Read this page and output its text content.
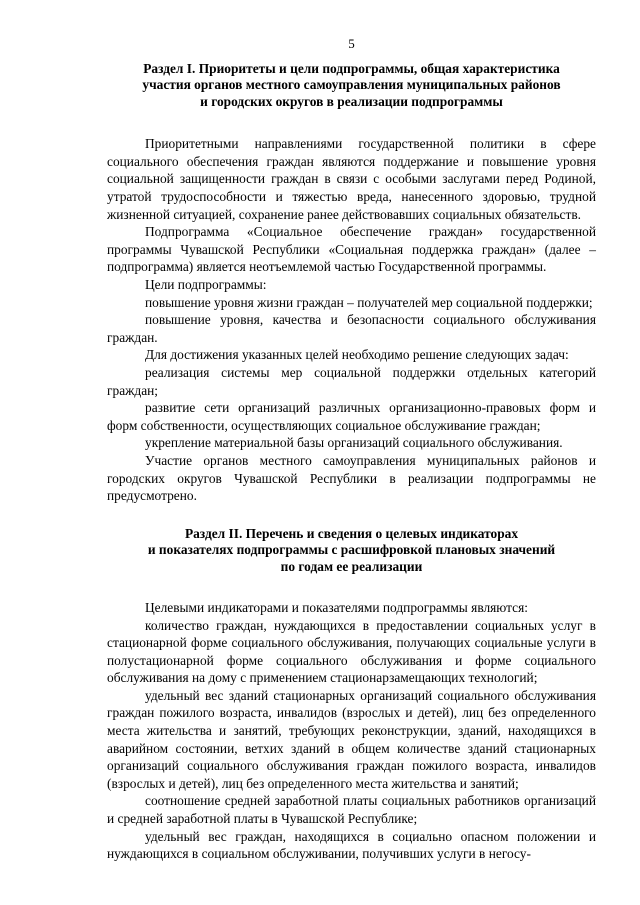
5
Раздел I. Приоритеты и цели подпрограммы, общая характеристика
участия органов местного самоуправления муниципальных районов
и городских округов в реализации подпрограммы

Приоритетными направлениями государственной политики в сфере социального обеспечения граждан являются поддержание и повышение уровня социальной защищенности граждан в связи с особыми заслугами перед Родиной, утратой трудоспособности и тяжестью вреда, нанесенного здоровью, трудной жизненной ситуацией, сохранение ранее действовавших социальных обязательств.

Подпрограмма «Социальное обеспечение граждан» государственной программы Чувашской Республики «Социальная поддержка граждан» (далее – подпрограмма) является неотъемлемой частью Государственной программы.

Цели подпрограммы:

повышение уровня жизни граждан – получателей мер социальной поддержки;

повышение уровня, качества и безопасности социального обслуживания граждан.

Для достижения указанных целей необходимо решение следующих задач:

реализация системы мер социальной поддержки отдельных категорий граждан;

развитие сети организаций различных организационно-правовых форм и форм собственности, осуществляющих социальное обслуживание граждан;

укрепление материальной базы организаций социального обслуживания.

Участие органов местного самоуправления муниципальных районов и городских округов Чувашской Республики в реализации подпрограммы не предусмотрено.

Раздел II. Перечень и сведения о целевых индикаторах
и показателях подпрограммы с расшифровкой плановых значений
по годам ее реализации

Целевыми индикаторами и показателями подпрограммы являются:

количество граждан, нуждающихся в предоставлении социальных услуг в стационарной форме социального обслуживания, получающих социальные услуги в полустационарной форме социального обслуживания и форме социального обслуживания на дому с применением стационарзамещающих технологий;

удельный вес зданий стационарных организаций социального обслуживания граждан пожилого возраста, инвалидов (взрослых и детей), лиц без определенного места жительства и занятий, требующих реконструкции, зданий, находящихся в аварийном состоянии, ветхих зданий в общем количестве зданий стационарных организаций социального обслуживания граждан пожилого возраста, инвалидов (взрослых и детей), лиц без определенного места жительства и занятий;

соотношение средней заработной платы социальных работников организаций и средней заработной платы в Чувашской Республике;

удельный вес граждан, находящихся в социально опасном положении и нуждающихся в социальном обслуживании, получивших услуги в негосу-
